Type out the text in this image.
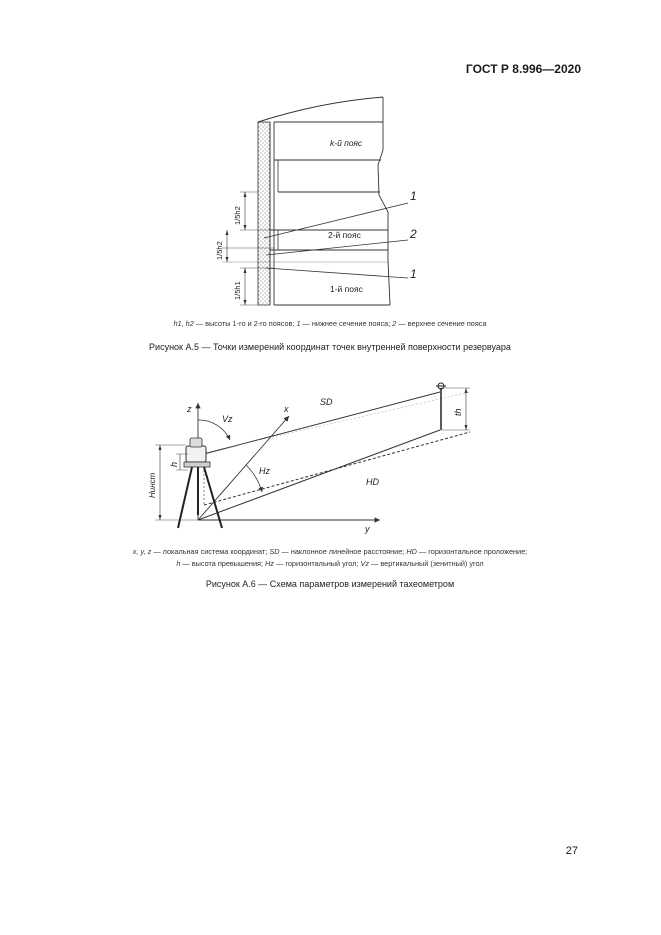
ГОСТ Р 8.996—2020
k-й пояс
2-й пояс
1-й пояс
1
2
1
1/5h2
1/5h2
1/5h1
h1, h2 — высоты 1-го и 2-го поясов; 1 — нижнее сечение пояса; 2 — верхнее сечение пояса
Рисунок А.5 — Точки измерений координат точек внутренней поверхности резервуара
z	x
y
Vz
Hz
SD
HD
th
h
Hинст
x, y, z — локальная система координат; SD — наклонное линейное расстояние; HD — горизонтальное проложение;
h — высота превышения; Hz — горизонтальный угол; Vz — вертикальный (зенитный) угол
Рисунок А.6 — Схема параметров измерений тахеометром
27
